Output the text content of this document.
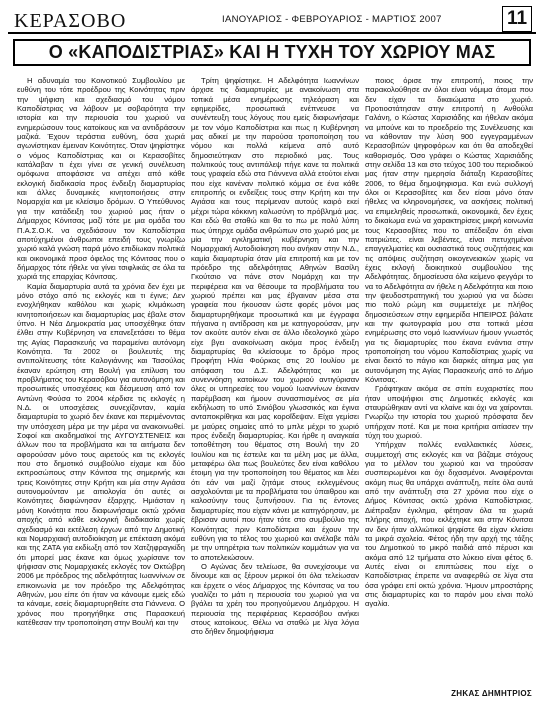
ΚΕΡΑΣΟΒΟ	ΙΑΝΟΥΑΡΙΟΣ - ΦΕΒΡΟΥΑΡΙΟΣ - ΜΑΡΤΙΟΣ 2007	11
Ο «ΚΑΠΟΔΙΣΤΡΙΑΣ» ΚΑΙ Η ΤΥΧΗ ΤΟΥ ΧΩΡΙΟΥ ΜΑΣ

Η αδυναμία του Κοινοτικού Συμβουλίου με ευθύνη του τότε προέδρου της Κοινότητας πριν την ψήφιση και σχεδιασμό του νόμου Καποδίστριας να λάβουν με σοβαρότητα την ιστορία και την περιουσία του χωριού να ενημερώσουν τους κατοίκους και να αντιδράσουν μαζικά. Έχουν τεράστια ευθύνη, όσα χωριά αγωνίστηκαν έμειναν Κοινότητες. Όταν ψηφίστηκε ο νόμος Καποδίστριας και οι Κερασοβίτες κατάλαβαν τι έχει γίνει σε γενική συνέλευση ομόφωνα αποφάσισε να απέχει από κάθε εκλογική διαδικασία προς ένδειξη διαμαρτυρίας και άλλες δυναμικές κινητοποιήσεις στην Νομαρχία και με κλείσιμο δρόμων. Ο Υπεύθυνος για την κατάδειξη του χωριού μας ήταν ο Δήμαρχος Κόνιτσας μαζί τότε με μια ομάδα του Π.Α.Σ.Ο.Κ. να σχεδιάσουν τον Καποδίστρια αποτύχημένοι άνθρωποι επειδή τους γνωρίζω χωριό καλά γνώση παρά μόνο επιδίωκαν πολιτικά και οικονομικά προσ όφελος της Κόνιτσας που ο δήμαρχος τότε ήθελε να γίνει τσιφλικάς σε όλα τα χωριά της επαρχίας Κόνιτσας.

Καμία διαμαρτυρία αυτά τα χρόνια δεν έχει με μόνο στόχο από τις εκλογές και τι έγινε; Δεν ενοχλήθηκαν καθόλου και χωρίς κλιμάκωση κινητοποιήσεων και διαμαρτυρίας μας έβαλε στον ύπνο. Η Νέα Δημοκρατία μας υποσχέθηκε όταν έλθει στην Κυβέρνηση να επανεξετάσει το θέμα της Αγίας Παρασκευής να παραμείνει αυτόνομη Κοινότητα. Τα 2002 οι βουλευτές της αντιπολίτευσης τότε Καλογιάννης και Τασούλας έκαναν ερώτηση στη Βουλή για επίλυση του προβλήματος του Κερασόβου για αυτονόμηση και προσωπικές υποσχέσεις και δέσμευση από τον Αντώνη Φούσα το 2004 κέρδισε τις εκλογές η Ν.Δ. οι υποσχέσεις συνεχίζονταν, καμία διαμαρτυρία το χωριό δεν έκανε και περιμένοντας την υπόσχεση μέρα με την μέρα να ανακοινωθεί. Σοφοί και ακαδημαϊκοί της ΑΥΓΟΥΣΤΕΝΕΙΣ και άλλων που τα προβλήματα και τα αιτήματα δεν αφορούσαν μόνο τους αιρετούς και τις εκλογές που στο δημοτικό συμβούλιο είχαμε και δύο εκπροσώπους στην Κόνιτσα της σημερινής και τρεις Κοινότητες στην Κρήτη και μία στην Αγιάσα αυτονομούνταν με αιτιολογία ότι αυτές οι Κοινότητες διαφώνησαν έξαρχης. Ημιάσταν η μόνη Κοινότητα που διαφωνήσαμε οκτώ χρόνια αποχής από κάθε εκλογική διαδικασία χωρίς σχεδιασμό και εκτέλεση έργων από την Δημοτική και Νομαρχιακή αυτοδιοίκηση με επέκταση ακόμα και της ΖΑΤΑ για εκδίωξη από τον Χατζηφραγκίδη ότι μπορεί μας έκανε και όμως χωρίσανε τον ψήφισαν στις Νομαρχιακές εκλογές τον Οκτώβρη 2006 με πρόεδρος της αδελφότητας Ιωαννίνων σε επικοινωνία με τον πρόεδρο της Αδελφότητας Αθηνών, μου είπε ότι ήταν να κάνουμε εμείς εδώ τα κάναμε, εσείς διαμαρτυρηθείτε στα Γιάννενα. Ο χρόνος που προηγήθηκε στις Παρασκευή κατέθεσαν την τροποποίηση στην Βουλή και την

Τρίτη ψηφίστηκε. Η Αδελφότητα Ιωαννίνων άρχισε τις διαμαρτυρίες με ανακοίνωση στα τοπικά μέσα ενημέρωσης τηλεόραση και εφημερίδες, προσωπικά ενέπνευσε να συνέντευξη τους λόγους που εμείς διαφωνήσαμε με τον νόμο Καποδίστρια και πως η Κυβέρνηση μας αδικεί με την παρούσα τροποποίηση του νόμου και πολλά κείμενα από αυτό δημοσιεύτηκαν στο περιοδικό μας. Τους πολιτικούς τους αντιπάλεψ πήγε κανε τα πολιτικά τους γραφεία εδώ στα Γιάννενα αλλά ετούτοι είναι που είχε κανέναν πολιτικό κόμμα σε ένα κάθε επιτροπής οι ενδείξεις τους στην Κρήτη και την Αγιάσα και τους περίμεναν αυτούς καιρό εκεί μέχρι τώρα κόκκινη καλωσύνη το πρόβλημά μας. Και εδώ θα σταθώ και θα το πω με πολύ λύπη πως ύπηρχε ομάδα ανθρώπων στο χωριό μας με μία την εγκληματική κυβέρνηση και την Νομαρχιακή Αυτοδιοίκηση που ανήκαν στην Ν.Δ., καμία διαμαρτυρία όταν μία επιτροπή και με τον πρόεδρο της αδελφότητας Αθηνών Βασίλη Γκούτσιο να πάνε στον Νομάρχη και την περιφέρεια και να θέσουμε τα προβλήματα του χωριού πρέπει και μας έβγαιναν μέσα στα γραφεία που ήκουσαν ώστε φορές μόνοι μας διαμαρτυρηθήκαμε προσωπικά και με έγγραφα πήγαινα η αντίδραση και με κατηγορούσαν, μην τον ακούτε αυτόν είναι σε άλλο ιδεολογικό χώρο είχε βγει ανακοίνωση ακόμα προς ένδειξη διαμαρτυρίας θα κλείσουμε το δρόμο προς Προφήτη Ηλία Φούρκας στις 20 Ιουλίου με απόφαση του Δ.Σ. Αδελφότητας και με συνεννόηση κατοίκων του χωριού αντιγύρισαν όλες οι υπηρεσίες του νομού Ιωαννίνων έκαναν παρέμβαση και ήμουν συνασπισμένος σε μία εκδήλωση το υπό Σινιόβου γλωσσικός και έγινα ανταποκρίθηκα και μας κοροΐδεψαν. Είχα γεμίσει με μαύρες σημαίες από το μπλε μέχρι το χωριό προς ένδειξη διαμαρτυρίας. Και ήρθε η αναγκαία τοποθέτηση του θέματος στη Βουλή την 20 Ιουλίου και τις έστειλε και τα μέλη μας με άλλα, μεταφέρω όλα πως βουλεύτες δεν είναι καθόλου έτοιμη για την τροποποίηση του θέματος και λέει ότι εάν ναι μαζί ζητάμε στους εκλεγμένους ασχολούνται με τα προβλήματα του ύπαιθρου και καλοσύνην τους ξυπνήσουν. Για τις έντονες διαμαρτυρίες που είχαν κάνει με κατηγόρησαν, με έβρισαν αυτοί που ήταν τότε στο συμβούλιο της Κοινότητας πριν Καποδίστρια και έχουν την ευθύνη για το τέλος του χωριού και ανέλαβε πάλι με την υπηρέτρια των πολιτικών κομμάτων για να το αποτελειώσουν.

Ο Αγώνας δεν τελείωσε, θα συνεχίσουμε να δίνουμε και ας ξέρουν μερικοί ότι όλα τελείωσαν και έρχετε ο νέος Δήμαρχος της Κόνιτσας να του γυαλίζει το μάτι η περιουσία του χωριού για να βγάλει τα χρέη του προηγούμενου Δημάρχου. Η περιουσία της περιφέρειας Κερασόβου ανήκει στους κατοίκους. Θέλω να σταθώ με λίγα λόγια στο δήθεν δημοψήφισμα

ποιος όρισε την επιτροπή, ποιος την παρακολούθησε αν όλοι είναι νόμιμα άτομα που δεν είχαν τα δικαιώματα στο χωριό. Προτιοστάτησαν στην επιτροπή η Ανθούλα Γαλάνη, ο Κώστας Χαρισιάδης και ήθελαν ακόμα να μπούνε και το προεδρείο της Συνέλευσης και να κάθονταν την λύση 900 εγγεγραμμένων Κερασοβιτών ψηφοφόρων και ότι θα αποδεχθεί καθορισμός. Όσο γράφει ο Κώστας Χαρισιάδης στην σελίδα 13 και στο τεύχος 100 του περιοδικού μας ήταν στην ημερησία διάταξη Κερασοβίτες 2006, το θέμα δημοψηφισμα. Και ενώ συλλογή όλοι οι Κερασοβίτες και δεν είσαι μόνο όταν ήθελες να κληρονομήσεις, να ασκήσεις πολιτική να επιμεληθείς προσωπικά, οικονομικά, δεν έχεις το δικαίωμα ενώ να χαρακτηρίσεις μικρή κοινωνία τους Κερασοβίτες που το απέδειξαν ότι είναι πατριώτες. είναι λεβέντες, είναι πετυχημένοι επαγγελματίες και ουσιαστικά τους συζητήσεις και τις απόψεις συζήτηση οικογενειακών χωρίς να έχεις εκλογή διοικητικού συμβουλίου της Αδελφότητας. δημοσίευσα όλα κείμενο φεγγάρι το να το Αδελφότητα αν ήθελε η Αδελφότητα και ποιο την ψευδοστρατηγική του χωριού για να δώσει πιο πολύ ρώμη και συμμετείχε με πλήθος δημοσιεύσεων στην εφημερίδα ΗΠΕΙΡΟΣ βάλατε και την φωτογραφία μου στα τοπικά μέσα ενημέρωσης στο νομό Ιωαννίνων ήμουν γνωστός για τις διαμαρτυρίες που έκανα ενάντια στην τροποποίηση του νόμου Καποδίστριας χωρίς να είναι δεκτό το πάγιο και διαρκές αίτημα μας για αυτονόμηση της Αγίας Παρασκευής από το Δήμο Κόνιτσας.

Γράφτηκαν ακόμα σε σπίτι ευχαριστίες που ήταν υποψήφιοι στις Δημοτικές εκλογές και σταυρώθηκαν αντί να κλαίνε και όχι να χαίρονται. Γνωρίζω την ιστορία του χωριού πρόσφατα δεν υπήρχαν ποτέ. Και με ποια κριτήρια αιτίασεν την τύχη του χωριού.

Υπήρχαν πολλές εναλλακτικές λύσεις, συμμετοχή στις εκλογές και να βάζαμε στόχους για το μέλλον του χωριού και να τηρούσαν συσπειρωμένοι και όχι διχασμένοι. Αναφέρονται ακόμη πως θα υπάρχει ανάπτυξη, πείτε όλα αυτά από την ανάπτυξη στα 27 χρόνια που είχε ο Δήμος Κόνιτσας οκτώ χρόνια Καποδίστριας. Διέπραξαν έγκλημα, φέτησαν όλα τα χωριά πλήρης αποχή, που εκλέχτηκε και στην Κόνιτσα αν δεν ήταν αλλιώτικοί ψηφίστε θα είχαν κλείσει τα μικρά σχολεία. Φέτος ήδη την αρχή της τάξης του Δημοτικού το μικρό παιδιά από πέρυσι και ακόμα από 12 τμήματα στο λύκειο είναι φέτος 6. Αυτές είναι οι επιπτώσεις που είχε ο Καποδίστριας έπρεπε να αναφερθώ σε λίγα στα όσα γράφει επί οκτώ χρόνια. Ήμουν μπροστάρης στις διαμαρτυρίες και το παρόν μου είναι πολύ αγαλία.

ΖΗΚΑΣ ΔΗΜΗΤΡΙΟΣ
